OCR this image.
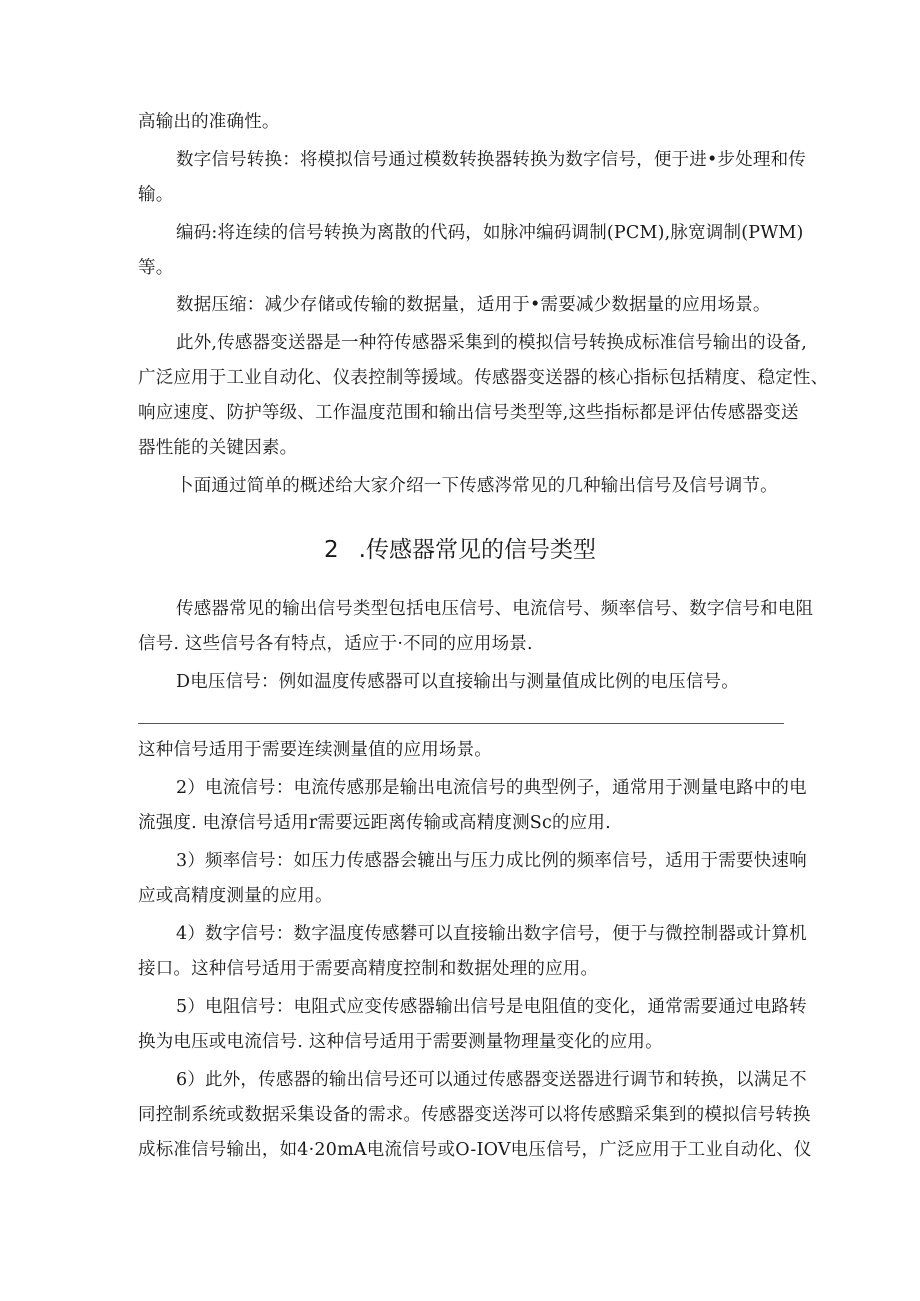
高输出的准确性。
数字信号转换：将模拟信号通过模数转换器转换为数字信号，便于进•步处理和传
输。
编码:将连续的信号转换为离散的代码，如脉冲编码调制(PCM),脉宽调制(PWM)
等。
数据压缩：减少存储或传输的数据量，适用于•需要减少数据量的应用场景。
此外,传感器变送器是一种符传感器采集到的模拟信号转换成标准信号输出的设备,
广泛应用于工业自动化、仪表控制等援域。传感器变送器的核心指标包括精度、稳定性、
响应速度、防护等级、工作温度范围和输出信号类型等,这些指标都是评估传感器变送
器性能的关键因素。
卜面通过简单的概述给大家介绍一下传感涔常见的几种输出信号及信号调节。
2 .传感器常见的信号类型
传感器常见的输出信号类型包括电压信号、电流信号、频率信号、数字信号和电阻
信号. 这些信号各有特点，适应于·不同的应用场景.
D电压信号：例如温度传感器可以直接输出与测量值成比例的电压信号。
这种信号适用于需要连续测量值的应用场景。
2）电流信号：电流传感那是输出电流信号的典型例子，通常用于测量电路中的电
流强度. 电潦信号适用r需要远距离传输或高精度测Sc的应用.
3）频率信号：如压力传感器会辘出与压力成比例的频率信号，适用于需要快速响
应或高精度测量的应用。
4）数字信号：数字温度传感礬可以直接输出数字信号，便于与微控制器或计算机
接口。这种信号适用于需要高精度控制和数据处理的应用。
5）电阻信号：电阻式应变传感器输出信号是电阻值的变化，通常需要通过电路转
换为电压或电流信号. 这种信号适用于需要测量物理量变化的应用。
6）此外，传感器的输出信号还可以通过传感器变送器进行调节和转换，以满足不
同控制系统或数据采集设备的需求。传感器变送涔可以将传感黯采集到的模拟信号转换
成标准信号输出，如4·20mA电流信号或O-IOV电压信号，广泛应用于工业自动化、仪
